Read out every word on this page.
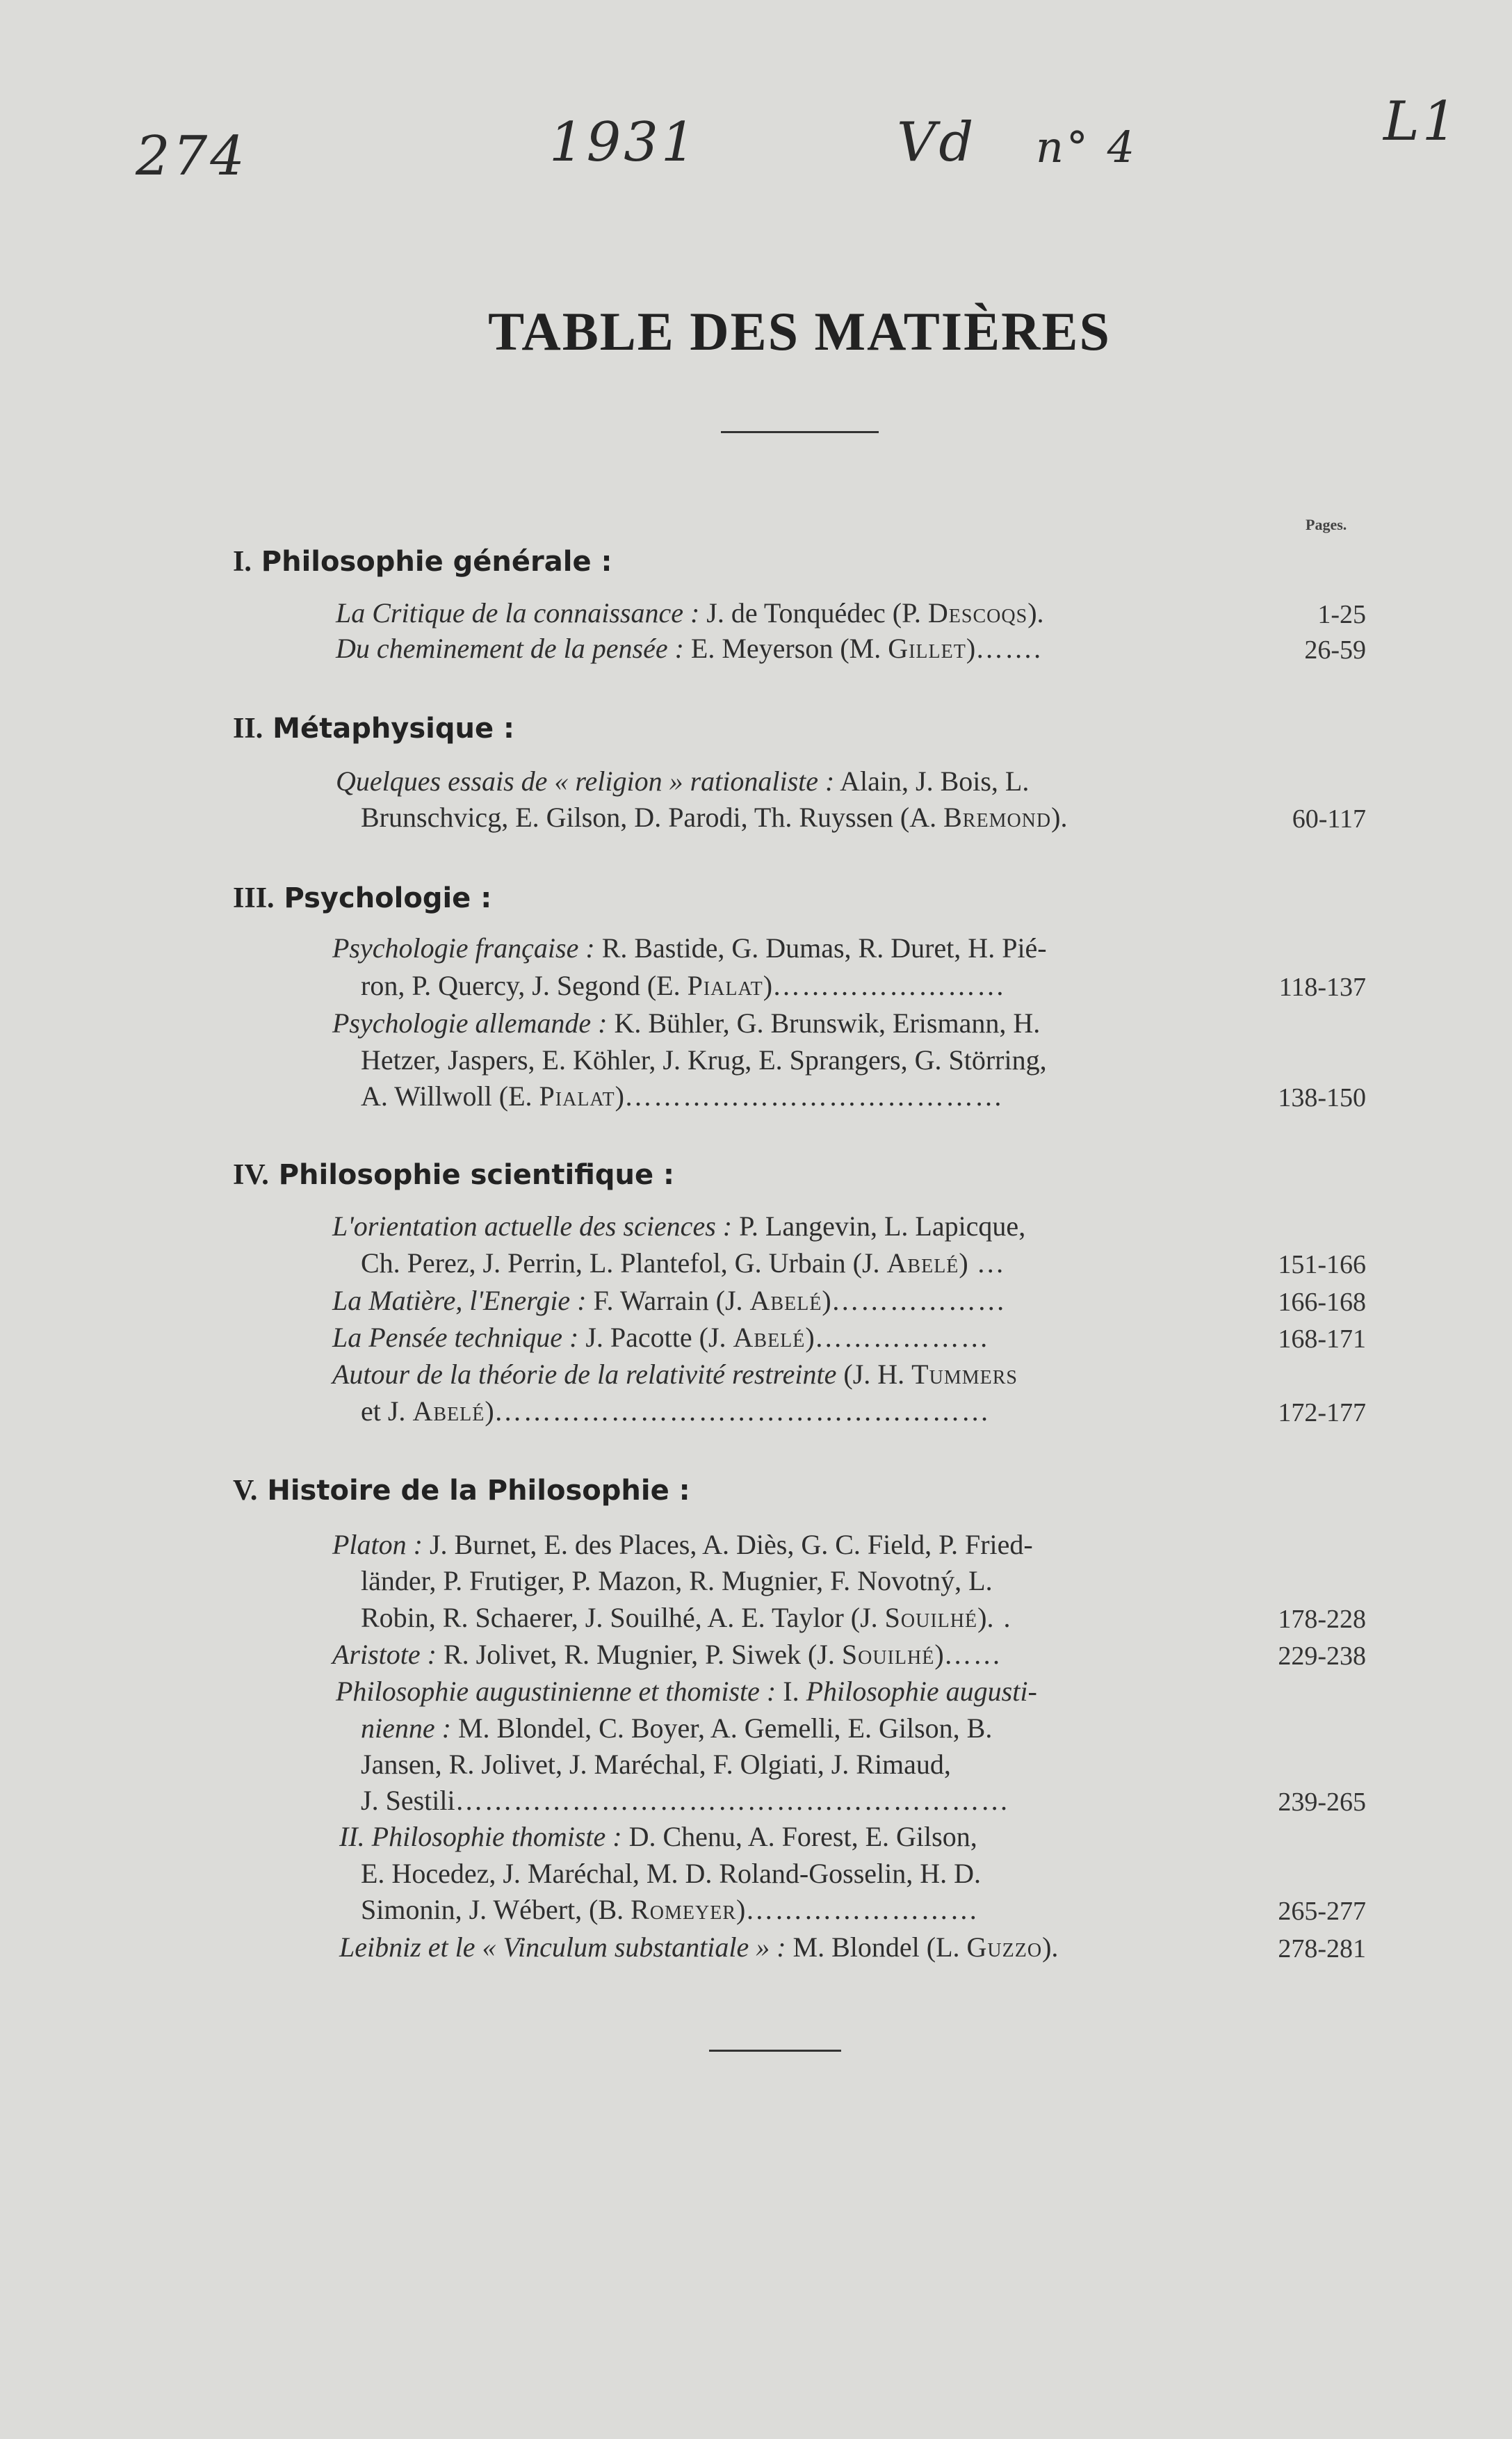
274	1931	Vd n° 4	L1
TABLE DES MATIÈRES
Pages.
I. Philosophie générale :
La Critique de la connaissance : J. de Tonquédec (P. Descoqs).	1-25
Du cheminement de la pensée : E. Meyerson (M. Gillet)…….	26-59
II. Métaphysique :
Quelques essais de « religion » rationaliste : Alain, J. Bois, L.
Brunschvicg, E. Gilson, D. Parodi, Th. Ruyssen (A. Bremond).	60-117
III. Psychologie :
Psychologie française : R. Bastide, G. Dumas, R. Duret, H. Pié-
ron, P. Quercy, J. Segond (E. Pialat)……………………	118-137
Psychologie allemande : K. Bühler, G. Brunswik, Erismann, H.
Hetzer, Jaspers, E. Köhler, J. Krug, E. Sprangers, G. Störring,
A. Willwoll (E. Pialat)…………………………………	138-150
IV. Philosophie scientifique :
L'orientation actuelle des sciences : P. Langevin, L. Lapicque,
Ch. Perez, J. Perrin, L. Plantefol, G. Urbain (J. Abelé) …	151-166
La Matière, l'Energie : F. Warrain (J. Abelé)………………	166-168
La Pensée technique : J. Pacotte (J. Abelé)………………	168-171
Autour de la théorie de la relativité restreinte (J. H. Tummers
et J. Abelé)……………………………………………	172-177
V. Histoire de la Philosophie :
Platon : J. Burnet, E. des Places, A. Diès, G. C. Field, P. Fried-
länder, P. Frutiger, P. Mazon, R. Mugnier, F. Novotný, L.
Robin, R. Schaerer, J. Souilhé, A. E. Taylor (J. Souilhé). .	178-228
Aristote : R. Jolivet, R. Mugnier, P. Siwek (J. Souilhé)……	229-238
Philosophie augustinienne et thomiste : I. Philosophie augusti-
nienne : M. Blondel, C. Boyer, A. Gemelli, E. Gilson, B.
Jansen, R. Jolivet, J. Maréchal, F. Olgiati, J. Rimaud,
J. Sestili…………………………………………………	239-265
II. Philosophie thomiste : D. Chenu, A. Forest, E. Gilson,
E. Hocedez, J. Maréchal, M. D. Roland-Gosselin, H. D.
Simonin, J. Wébert, (B. Romeyer)……………………	265-277
Leibniz et le « Vinculum substantiale » : M. Blondel (L. Guzzo).	278-281
